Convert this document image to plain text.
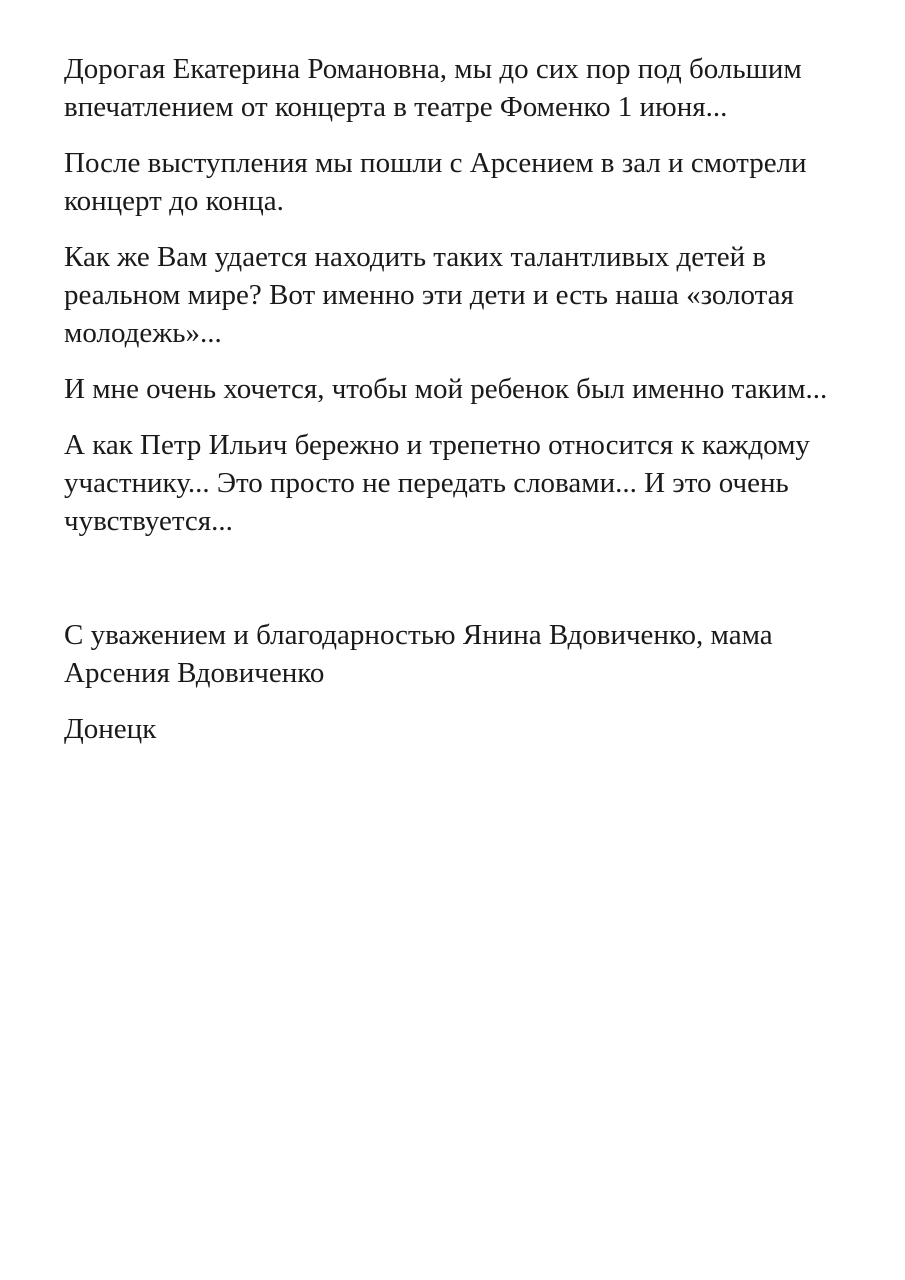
Дорогая Екатерина Романовна, мы до сих пор под большим впечатлением от концерта в театре Фоменко 1 июня...

После выступления мы пошли с Арсением в зал и смотрели концерт до конца.

Как же Вам удается находить таких талантливых детей в реальном мире? Вот именно эти дети и есть наша «золотая молодежь»...

И мне очень хочется, чтобы мой ребенок был именно таким...

А как Петр Ильич бережно и трепетно относится к каждому участнику... Это просто не передать словами... И это очень чувствуется...

С уважением и благодарностью Янина Вдовиченко, мама Арсения Вдовиченко

Донецк
